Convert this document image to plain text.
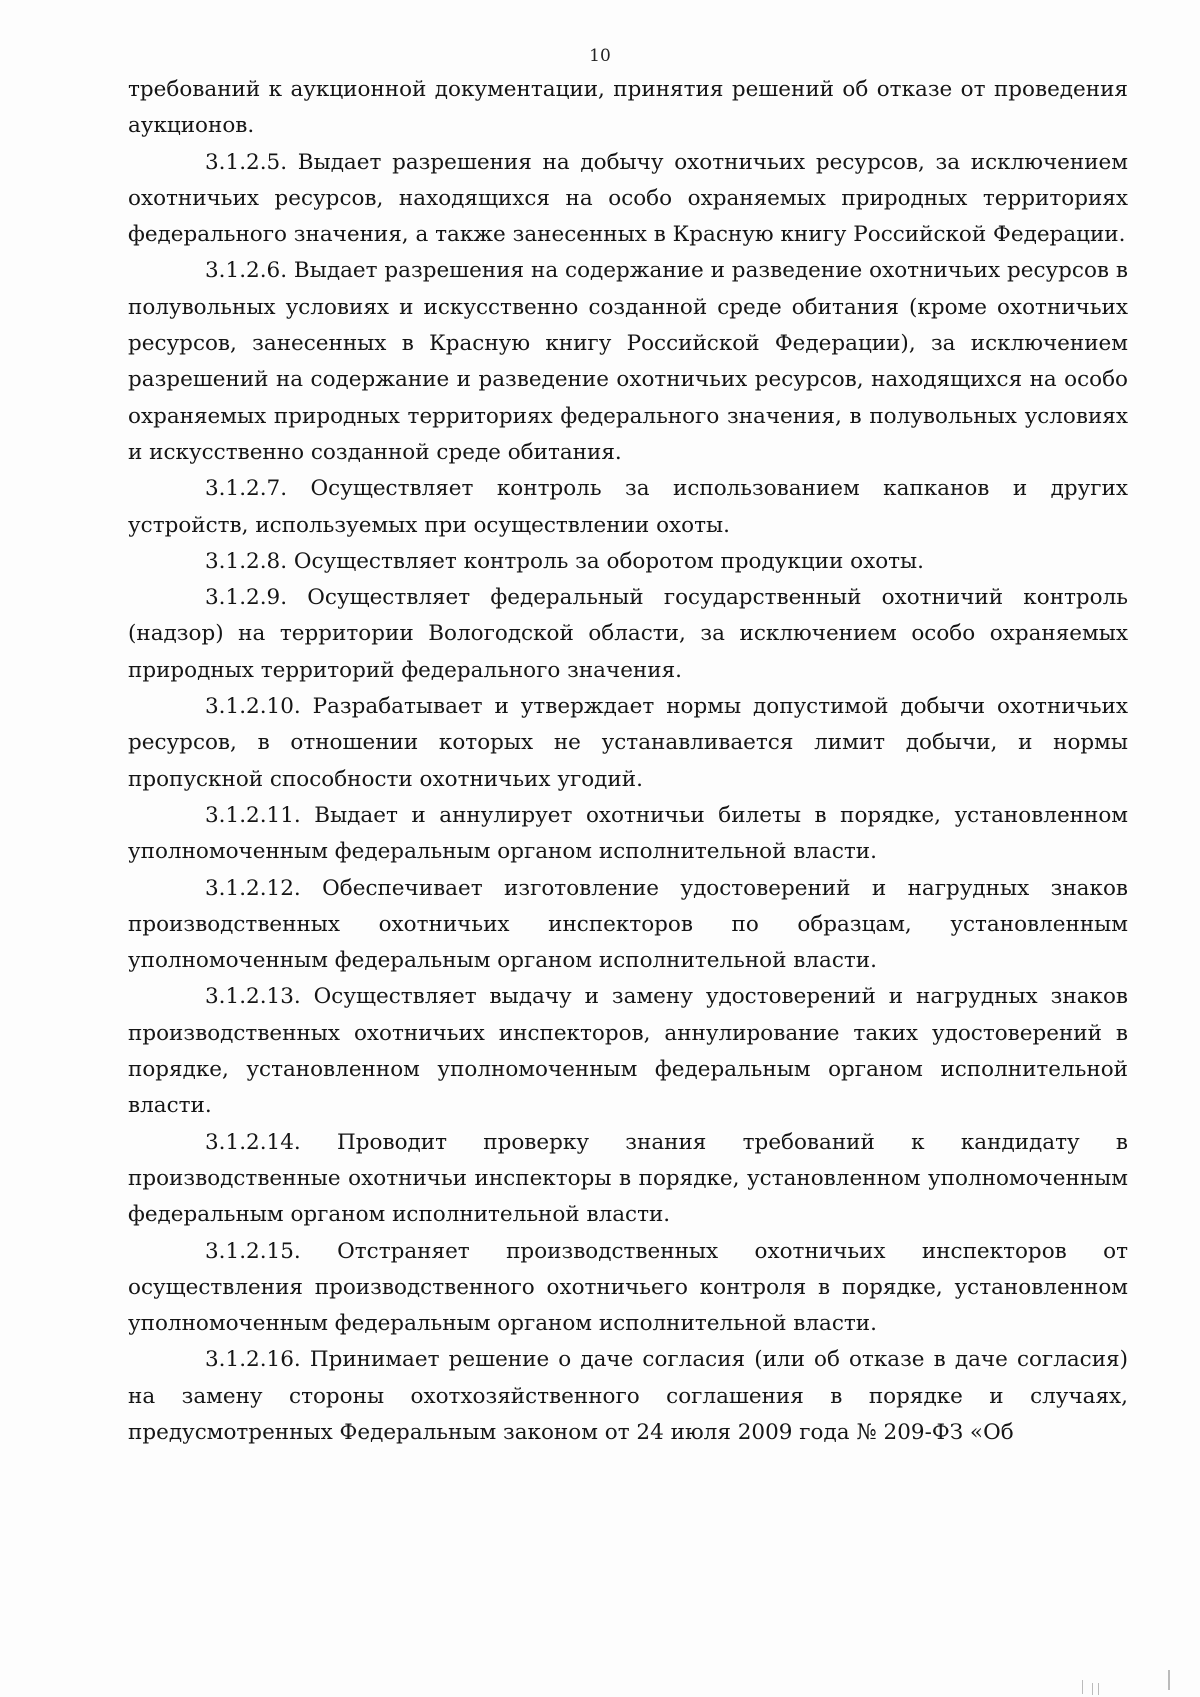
10

требований к аукционной документации, принятия решений об отказе от проведения аукционов.

3.1.2.5. Выдает разрешения на добычу охотничьих ресурсов, за исключением охотничьих ресурсов, находящихся на особо охраняемых природных территориях федерального значения, а также занесенных в Красную книгу Российской Федерации.

3.1.2.6. Выдает разрешения на содержание и разведение охотничьих ресурсов в полувольных условиях и искусственно созданной среде обитания (кроме охотничьих ресурсов, занесенных в Красную книгу Российской Федерации), за исключением разрешений на содержание и разведение охотничьих ресурсов, находящихся на особо охраняемых природных территориях федерального значения, в полувольных условиях и искусственно созданной среде обитания.

3.1.2.7. Осуществляет контроль за использованием капканов и других устройств, используемых при осуществлении охоты.

3.1.2.8. Осуществляет контроль за оборотом продукции охоты.

3.1.2.9. Осуществляет федеральный государственный охотничий контроль (надзор) на территории Вологодской области, за исключением особо охраняемых природных территорий федерального значения.

3.1.2.10. Разрабатывает и утверждает нормы допустимой добычи охотничьих ресурсов, в отношении которых не устанавливается лимит добычи, и нормы пропускной способности охотничьих угодий.

3.1.2.11. Выдает и аннулирует охотничьи билеты в порядке, установленном уполномоченным федеральным органом исполнительной власти.

3.1.2.12. Обеспечивает изготовление удостоверений и нагрудных знаков производственных охотничьих инспекторов по образцам, установленным уполномоченным федеральным органом исполнительной власти.

3.1.2.13. Осуществляет выдачу и замену удостоверений и нагрудных знаков производственных охотничьих инспекторов, аннулирование таких удостоверений в порядке, установленном уполномоченным федеральным органом исполнительной власти.

3.1.2.14. Проводит проверку знания требований к кандидату в производственные охотничьи инспекторы в порядке, установленном уполномоченным федеральным органом исполнительной власти.

3.1.2.15. Отстраняет производственных охотничьих инспекторов от осуществления производственного охотничьего контроля в порядке, установленном уполномоченным федеральным органом исполнительной власти.

3.1.2.16. Принимает решение о даче согласия (или об отказе в даче согласия) на замену стороны охотхозяйственного соглашения в порядке и случаях, предусмотренных Федеральным законом от 24 июля 2009 года № 209-ФЗ «Об
